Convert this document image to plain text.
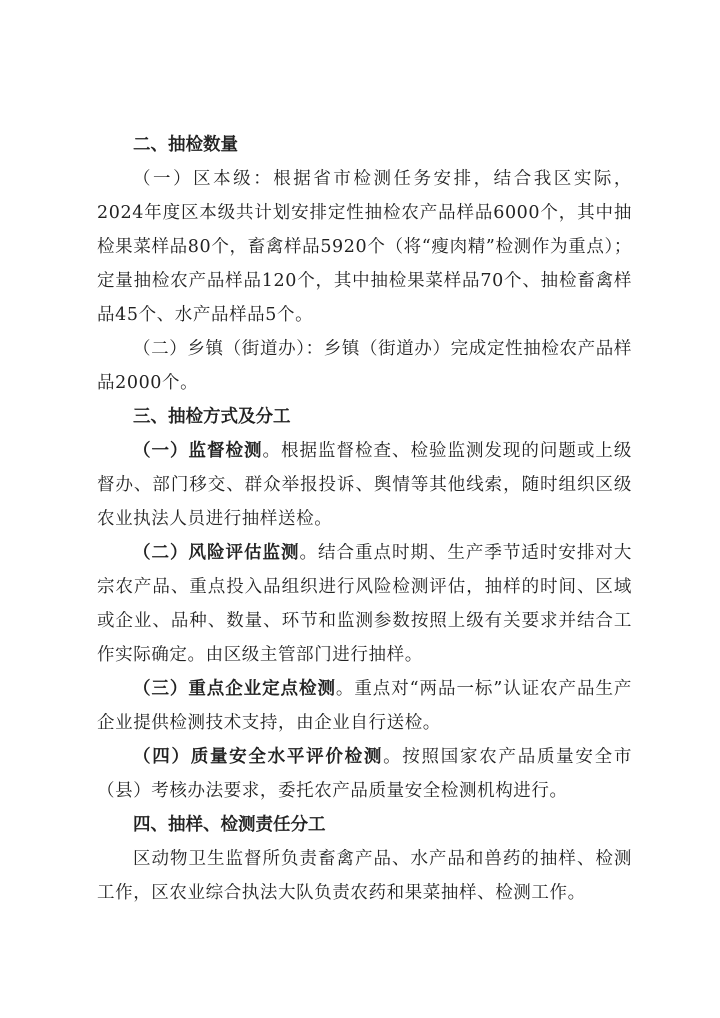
二、抽检数量

（一）区本级：根据省市检测任务安排，结合我区实际，2024年度区本级共计划安排定性抽检农产品样品6000个，其中抽检果菜样品80个，畜禽样品5920个（将“瘦肉精”检测作为重点）；定量抽检农产品样品120个，其中抽检果菜样品70个、抽检畜禽样品45个、水产品样品5个。

（二）乡镇（街道办）：乡镇（街道办）完成定性抽检农产品样品2000个。

三、抽检方式及分工

（一）监督检测。根据监督检查、检验监测发现的问题或上级督办、部门移交、群众举报投诉、舆情等其他线索，随时组织区级农业执法人员进行抽样送检。

（二）风险评估监测。结合重点时期、生产季节适时安排对大宗农产品、重点投入品组织进行风险检测评估，抽样的时间、区域或企业、品种、数量、环节和监测参数按照上级有关要求并结合工作实际确定。由区级主管部门进行抽样。

（三）重点企业定点检测。重点对“两品一标”认证农产品生产企业提供检测技术支持，由企业自行送检。

（四）质量安全水平评价检测。按照国家农产品质量安全市（县）考核办法要求，委托农产品质量安全检测机构进行。

四、抽样、检测责任分工

区动物卫生监督所负责畜禽产品、水产品和兽药的抽样、检测工作，区农业综合执法大队负责农药和果菜抽样、检测工作。
